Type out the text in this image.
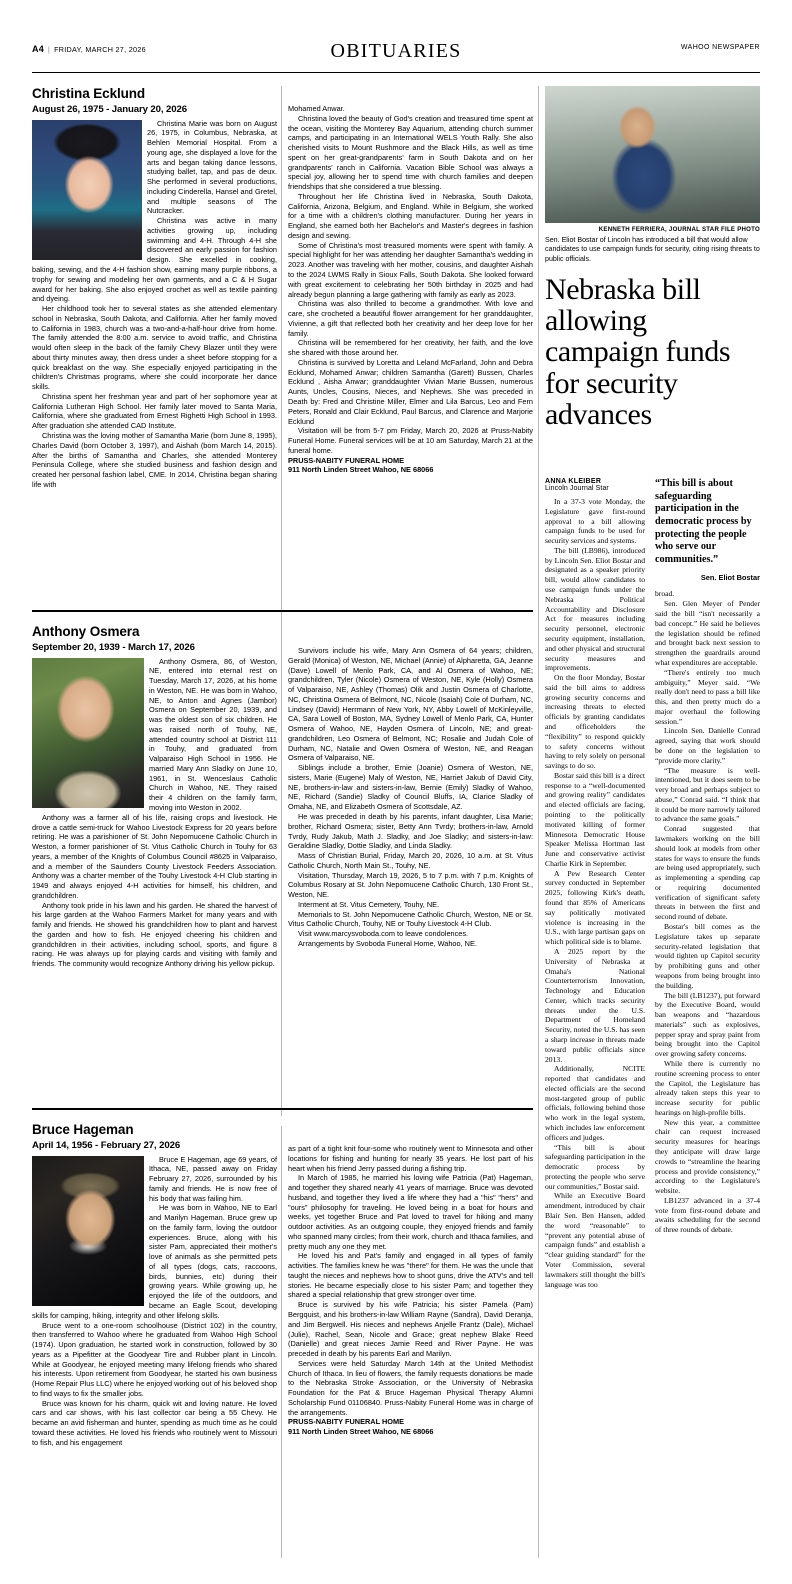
A4 | FRIDAY, MARCH 27, 2026	OBITUARIES	WAHOO NEWSPAPER
Christina Ecklund
August 26, 1975 - January 20, 2026

Christina Marie was born on August 26, 1975, in Columbus, Nebraska, at Behlen Memorial Hospital. From a young age, she displayed a love for the arts and began taking dance lessons, studying ballet, tap, and pas de deux. She performed in several productions, including Cinderella, Hansel and Gretel, and multiple seasons of The Nutcracker.

Christina was active in many activities growing up, including swimming and 4-H. Through 4-H she discovered an early passion for fashion design. She excelled in cooking, baking, sewing, and the 4-H fashion show, earning many purple ribbons, a trophy for sewing and modeling her own garments, and a C & H Sugar award for her baking. She also enjoyed crochet as well as textile painting and dyeing.

Her childhood took her to several states as she attended elementary school in Nebraska, South Dakota, and California. After her family moved to California in 1983, church was a two-and-a-half-hour drive from home. The family attended the 8:00 a.m. service to avoid traffic, and Christina would often sleep in the back of the family Chevy Blazer until they were about thirty minutes away, then dress under a sheet before stopping for a quick breakfast on the way. She especially enjoyed participating in the children's Christmas programs, where she could incorporate her dance skills.

Christina spent her freshman year and part of her sophomore year at California Lutheran High School. Her family later moved to Santa Maria, California, where she graduated from Ernest Righetti High School in 1993. After graduation she attended CAD Institute.

Christina was the loving mother of Samantha Marie (born June 8, 1995), Charles David (born October 3, 1997), and Aishah (born March 14, 2015). After the births of Samantha and Charles, she attended Monterey Peninsula College, where she studied business and fashion design and created her personal fashion label, CME. In 2014, Christina began sharing life with

Mohamed Anwar.

Christina loved the beauty of God's creation and treasured time spent at the ocean, visiting the Monterey Bay Aquarium, attending church summer camps, and participating in an International WELS Youth Rally. She also cherished visits to Mount Rushmore and the Black Hills, as well as time spent on her great-grandparents' farm in South Dakota and on her grandparents' ranch in California. Vacation Bible School was always a special joy, allowing her to spend time with church families and deepen friendships that she considered a true blessing.

Throughout her life Christina lived in Nebraska, South Dakota, California, Arizona, Belgium, and England. While in Belgium, she worked for a time with a children's clothing manufacturer. During her years in England, she earned both her Bachelor's and Master's degrees in fashion design and sewing.

Some of Christina's most treasured moments were spent with family. A special highlight for her was attending her daughter Samantha's wedding in 2023. Another was traveling with her mother, cousins, and daughter Aishah to the 2024 LWMS Rally in Sioux Falls, South Dakota. She looked forward with great excitement to celebrating her 50th birthday in 2025 and had already begun planning a large gathering with family as early as 2023.

Christina was also thrilled to become a grandmother. With love and care, she crocheted a beautiful flower arrangement for her granddaughter, Vivienne, a gift that reflected both her creativity and her deep love for her family.

Christina will be remembered for her creativity, her faith, and the love she shared with those around her.

Christina is survived by Loretta and Leland McFarland, John and Debra Ecklund, Mohamed Anwar; children Samantha (Garett) Bussen, Charles Ecklund , Aisha Anwar; granddaughter Vivian Marie Bussen, numerous Aunts, Uncles, Cousins, Nieces, and Nephews. She was preceded in Death by: Fred and Christine Miller, Elmer and Lila Barcus, Leo and Fern Peters, Ronald and Clair Ecklund, Paul Barcus, and Clarence and Marjorie Ecklund

Visitation will be from 5-7 pm Friday, March 20, 2026 at Pruss-Nabity Funeral Home. Funeral services will be at 10 am Saturday, March 21 at the funeral home.

PRUSS-NABITY FUNERAL HOME

911 North Linden Street Wahoo, NE 68066

Anthony Osmera
September 20, 1939 - March 17, 2026

Anthony Osmera, 86, of Weston, NE, entered into eternal rest on Tuesday, March 17, 2026, at his home in Weston, NE. He was born in Wahoo, NE, to Anton and Agnes (Jambor) Osmera on September 20, 1939, and was the oldest son of six children. He was raised north of Touhy, NE, attended country school at District 111 in Touhy, and graduated from Valparaiso High School in 1956. He married Mary Ann Sladky on June 10, 1961, in St. Wenceslaus Catholic Church in Wahoo, NE. They raised their 4 children on the family farm, moving into Weston in 2002.

Anthony was a farmer all of his life, raising crops and livestock. He drove a cattle semi-truck for Wahoo Livestock Express for 20 years before retiring. He was a parishioner of St. John Nepomucene Catholic Church in Weston, a former parishioner of St. Vitus Catholic Church in Touhy for 63 years, a member of the Knights of Columbus Council #8625 in Valparaiso, and a member of the Saunders County Livestock Feeders Association. Anthony was a charter member of the Touhy Livestock 4-H Club starting in 1949 and always enjoyed 4-H activities for himself, his children, and grandchildren.

Anthony took pride in his lawn and his garden. He shared the harvest of his large garden at the Wahoo Farmers Market for many years and with family and friends. He showed his grandchildren how to plant and harvest the garden and how to fish. He enjoyed cheering his children and grandchildren in their activities, including school, sports, and figure 8 racing. He was always up for playing cards and visiting with family and friends. The community would recognize Anthony driving his yellow pickup.

Survivors include his wife, Mary Ann Osmera of 64 years; children, Gerald (Monica) of Weston, NE, Michael (Annie) of Alpharetta, GA, Jeanne (Dave) Lowell of Menlo Park, CA, and Al Osmera of Wahoo, NE; grandchildren, Tyler (Nicole) Osmera of Weston, NE, Kyle (Holly) Osmera of Valparaiso, NE, Ashley (Thomas) Olik and Justin Osmera of Charlotte, NC, Christina Osmera of Belmont, NC, Nicole (Isaiah) Cole of Durham, NC, Lindsey (David) Herrmann of New York, NY, Abby Lowell of McKinleyville, CA, Sara Lowell of Boston, MA, Sydney Lowell of Menlo Park, CA, Hunter Osmera of Wahoo, NE, Hayden Osmera of Lincoln, NE; and great-grandchildren, Leo Osmera of Belmont, NC; Rosalie and Judah Cole of Durham, NC, Natalie and Owen Osmera of Weston, NE, and Reagan Osmera of Valparaiso, NE.

Siblings include a brother, Ernie (Joanie) Osmera of Weston, NE, sisters, Marie (Eugene) Maly of Weston, NE, Harriet Jakub of David City, NE, brothers-in-law and sisters-in-law, Bernie (Emily) Sladky of Wahoo, NE, Richard (Sandie) Sladky of Council Bluffs, IA, Clarice Sladky of Omaha, NE, and Elizabeth Osmera of Scottsdale, AZ.

He was preceded in death by his parents, infant daughter, Lisa Marie; brother, Richard Osmera; sister, Betty Ann Tvrdy; brothers-in-law, Arnold Tvrdy, Rudy Jakub, Math J. Sladky, and Joe Sladky; and sisters-in-law: Geraldine Sladky, Dottie Sladky, and Linda Sladky.

Mass of Christian Burial, Friday, March 20, 2026, 10 a.m. at St. Vitus Catholic Church, North Main St., Touhy, NE.

Visitation, Thursday, March 19, 2026, 5 to 7 p.m. with 7 p.m. Knights of Columbus Rosary at St. John Nepomucene Catholic Church, 130 Front St., Weston, NE.

Interment at St. Vitus Cemetery, Touhy, NE.

Memorials to St. John Nepomucene Catholic Church, Weston, NE or St. Vitus Catholic Church, Touhy, NE or Touhy Livestock 4-H Club.

Visit www.marcysvoboda.com to leave condolences.

Arrangements by Svoboda Funeral Home, Wahoo, NE.

Bruce Hageman
April 14, 1956 - February 27, 2026

Bruce E Hageman, age 69 years, of Ithaca, NE, passed away on Friday February 27, 2026, surrounded by his family and friends. He is now free of his body that was failing him.

He was born in Wahoo, NE to Earl and Marilyn Hageman. Bruce grew up on the family farm, loving the outdoor experiences. Bruce, along with his sister Pam, appreciated their mother's love of animals as she permitted pets of all types (dogs, cats, raccoons, birds, bunnies, etc) during their growing years. While growing up, he enjoyed the life of the outdoors, and became an Eagle Scout, developing skills for camping, hiking, integrity and other lifelong skills.

Bruce went to a one-room schoolhouse (District 102) in the country, then transferred to Wahoo where he graduated from Wahoo High School (1974). Upon graduation, he started work in construction, followed by 30 years as a Pipefitter at the Goodyear Tire and Rubber plant in Lincoln. While at Goodyear, he enjoyed meeting many lifelong friends who shared his interests. Upon retirement from Goodyear, he started his own business (Home Repair Plus LLC) where he enjoyed working out of his beloved shop to find ways to fix the smaller jobs.

Bruce was known for his charm, quick wit and loving nature. He loved cars and car shows, with his last collector car being a 55 Chevy. He became an avid fisherman and hunter, spending as much time as he could toward these activities. He loved his friends who routinely went to Missouri to fish, and his engagement

as part of a tight knit four-some who routinely went to Minnesota and other locations for fishing and hunting for nearly 35 years. He lost part of his heart when his friend Jerry passed during a fishing trip.

In March of 1985, he married his loving wife Patricia (Pat) Hageman, and together they shared nearly 41 years of marriage. Bruce was devoted husband, and together they lived a life where they had a "his" "hers" and "ours" philosophy for traveling. He loved being in a boat for hours and weeks, yet together Bruce and Pat loved to travel for hiking and many outdoor activities. As an outgoing couple, they enjoyed friends and family who spanned many circles; from their work, church and Ithaca families, and pretty much any one they met.

He loved his and Pat's family and engaged in all types of family activities. The families knew he was "there" for them. He was the uncle that taught the nieces and nephews how to shoot guns, drive the ATV's and tell stories. He became especially close to his sister Pam; and together they shared a special relationship that grew stronger over time.

Bruce is survived by his wife Patricia; his sister Pamela (Pam) Bergquist, and his brothers-in-law William Rayne (Sandra), David Deranja, and Jim Bergwell. His nieces and nephews Anjelle Frantz (Dale), Michael (Julie), Rachel, Sean, Nicole and Grace; great nephew Blake Reed (Danielle) and great nieces Jamie Reed and River Payne. He was preceded in death by his parents Earl and Marilyn.

Services were held Saturday March 14th at the United Methodist Church of Ithaca. In lieu of flowers, the family requests donations be made to the Nebraska Stroke Association, or the University of Nebraska Foundation for the Pat & Bruce Hageman Physical Therapy Alumni Scholarship Fund 01106840. Pruss-Nabity Funeral Home was in charge of the arrangements.

PRUSS-NABITY FUNERAL HOME

911 North Linden Street Wahoo, NE 68066

KENNETH FERRIERA, JOURNAL STAR FILE PHOTO
Sen. Eliot Bostar of Lincoln has introduced a bill that would allow candidates to use campaign funds for security, citing rising threats to public officials.
Nebraska bill allowing campaign funds for security advances
ANNA KLEIBER
Lincoln Journal Star

In a 37-3 vote Monday, the Legislature gave first-round approval to a bill allowing campaign funds to be used for security services and systems.

The bill (LB986), introduced by Lincoln Sen. Eliot Bostar and designated as a speaker priority bill, would allow candidates to use campaign funds under the Nebraska Political Accountability and Disclosure Act for measures including security personnel, electronic security equipment, installation, and other physical and structural security measures and improvements.

On the floor Monday, Bostar said the bill aims to address growing security concerns and increasing threats to elected officials by granting candidates and officeholders the “flexibility” to respond quickly to safety concerns without having to rely solely on personal savings to do so.

Bostar said this bill is a direct response to a “well-documented and growing reality” candidates and elected officials are facing, pointing to the politically motivated killing of former Minnesota Democratic House Speaker Melissa Hortman last June and conservative activist Charlie Kirk in September.

A Pew Research Center survey conducted in September 2025, following Kirk's death, found that 85% of Americans say politically motivated violence is increasing in the U.S., with large partisan gaps on which political side is to blame.

A 2025 report by the University of Nebraska at Omaha's National Counterterrorism Innovation, Technology and Education Center, which tracks security threats under the U.S. Department of Homeland Security, noted the U.S. has seen a sharp increase in threats made toward public officials since 2013.

Additionally, NCITE reported that candidates and elected officials are the second most-targeted group of public officials, following behind those who work in the legal system, which includes law enforcement officers and judges.

“This bill is about safeguarding participation in the democratic process by protecting the people who serve our communities,” Bostar said.

While an Executive Board amendment, introduced by chair Blair Sen. Ben Hansen, added the word “reasonable” to “prevent any potential abuse of campaign funds” and establish a “clear guiding standard” for the Voter Commission, several lawmakers still thought the bill's language was too

“This bill is about safeguarding participation in the democratic process by protecting the people who serve our communities.”
Sen. Eliot Bostar

broad.

Sen. Glen Meyer of Pender said the bill “isn't necessarily a bad concept.” He said he believes the legislation should be refined and brought back next session to strengthen the guardrails around what expenditures are acceptable.

“There's entirely too much ambiguity,” Meyer said. “We really don't need to pass a bill like this, and then pretty much do a major overhaul the following session.”

Lincoln Sen. Danielle Conrad agreed, saying that work should be done on the legislation to “provide more clarity.”

“The measure is well-intentioned, but it does seem to be very broad and perhaps subject to abuse,” Conrad said. “I think that it could be more narrowly tailored to advance the same goals.”

Conrad suggested that lawmakers working on the bill should look at models from other states for ways to ensure the funds are being used appropriately, such as implementing a spending cap or requiring documented verification of significant safety threats in between the first and second round of debate.

Bostar's bill comes as the Legislature takes up separate security-related legislation that would tighten up Capitol security by prohibiting guns and other weapons from being brought into the building.

The bill (LB1237), put forward by the Executive Board, would ban weapons and “hazardous materials” such as explosives, pepper spray and spray paint from being brought into the Capitol over growing safety concerns.

While there is currently no routine screening process to enter the Capitol, the Legislature has already taken steps this year to increase security for public hearings on high-profile bills.

New this year, a committee chair can request increased security measures for hearings they anticipate will draw large crowds to “streamline the hearing process and provide consistency,” according to the Legislature's website.

LB1237 advanced in a 37-4 vote from first-round debate and awaits scheduling for the second of three rounds of debate.
